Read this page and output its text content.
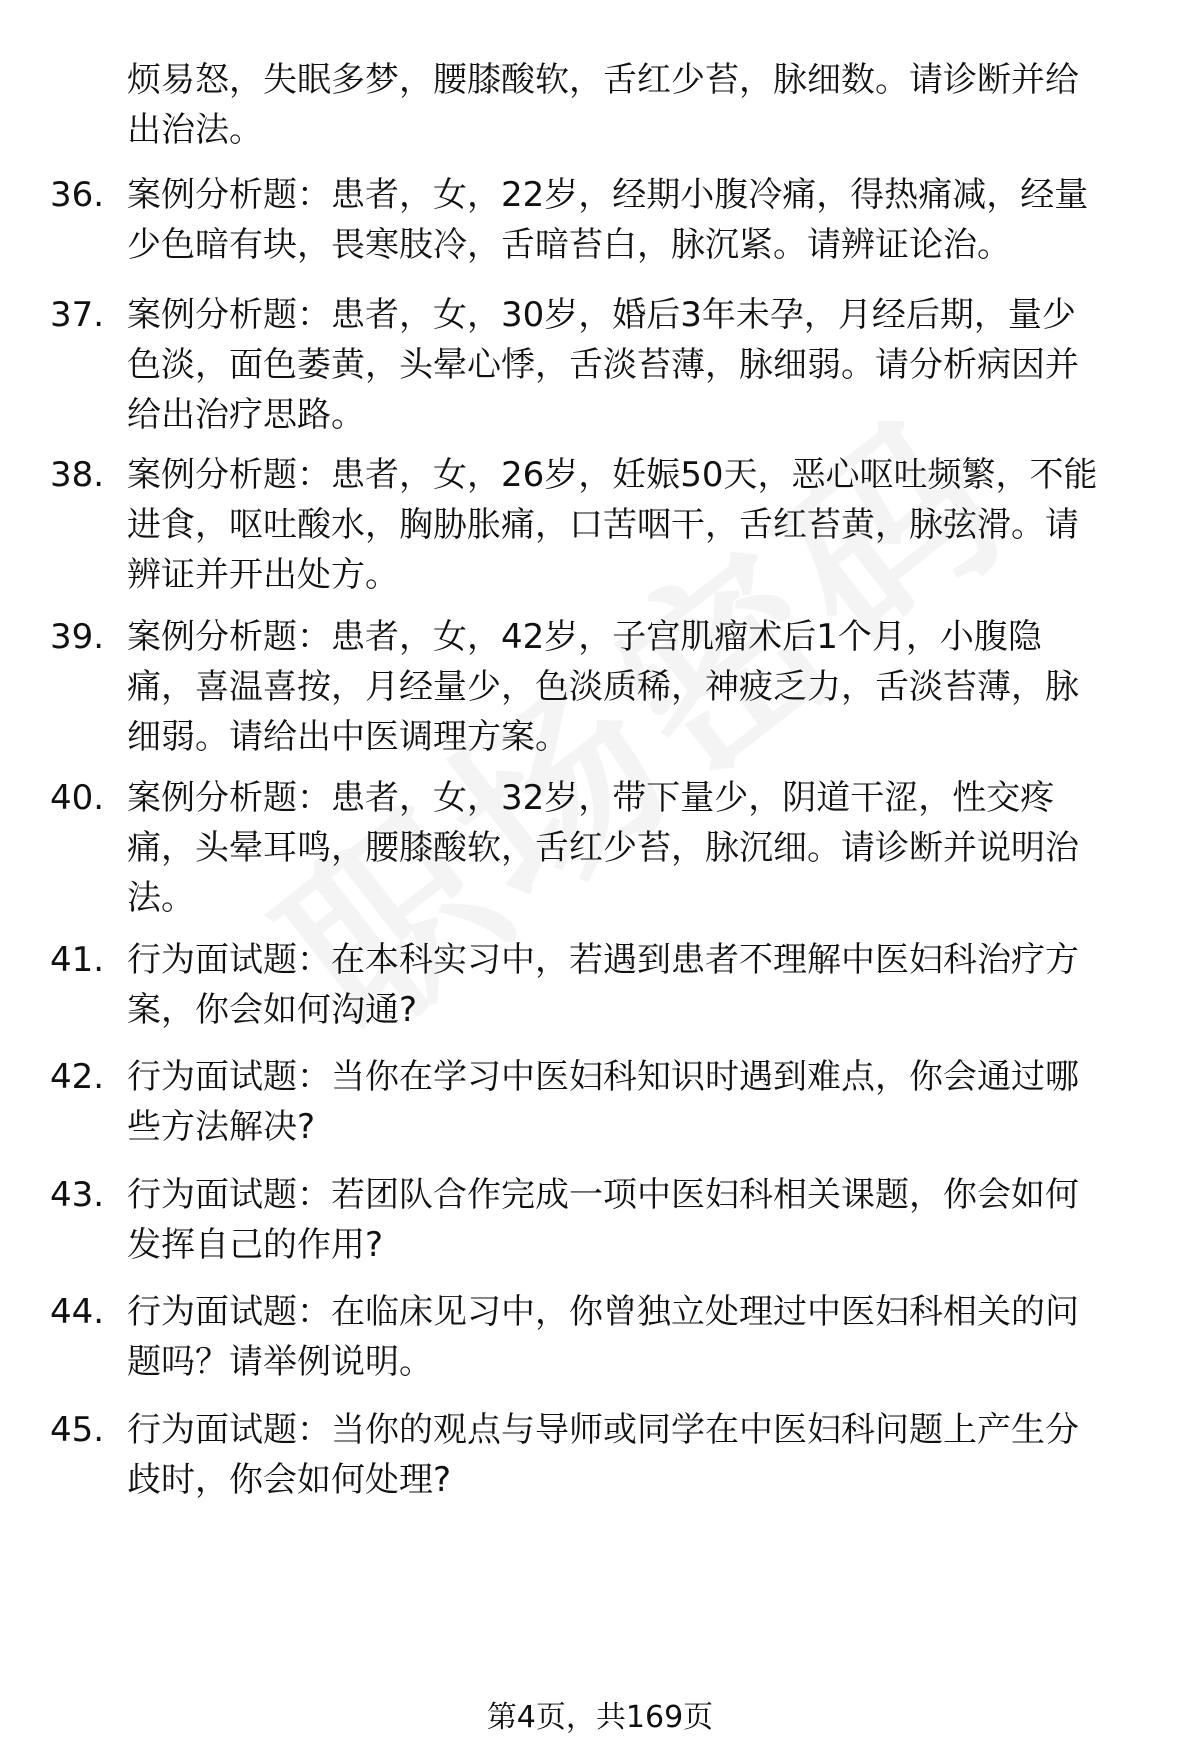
烦易怒，失眠多梦，腰膝酸软，舌红少苔，脉细数。请诊断并给
出治法。
36. 案例分析题：患者，女，22岁，经期小腹冷痛，得热痛减，经量
少色暗有块，畏寒肢冷，舌暗苔白，脉沉紧。请辨证论治。
37. 案例分析题：患者，女，30岁，婚后3年未孕，月经后期，量少
色淡，面色萎黄，头晕心悸，舌淡苔薄，脉细弱。请分析病因并
给出治疗思路。
38. 案例分析题：患者，女，26岁，妊娠50天，恶心呕吐频繁，不能
进食，呕吐酸水，胸胁胀痛，口苦咽干，舌红苔黄，脉弦滑。请
辨证并开出处方。
39. 案例分析题：患者，女，42岁，子宫肌瘤术后1个月，小腹隐
痛，喜温喜按，月经量少，色淡质稀，神疲乏力，舌淡苔薄，脉
细弱。请给出中医调理方案。
40. 案例分析题：患者，女，32岁，带下量少，阴道干涩，性交疼
痛，头晕耳鸣，腰膝酸软，舌红少苔，脉沉细。请诊断并说明治
法。
41. 行为面试题：在本科实习中，若遇到患者不理解中医妇科治疗方
案，你会如何沟通?
42. 行为面试题：当你在学习中医妇科知识时遇到难点，你会通过哪
些方法解决?
43. 行为面试题：若团队合作完成一项中医妇科相关课题，你会如何
发挥自己的作用?
44. 行为面试题：在临床见习中，你曾独立处理过中医妇科相关的问
题吗？请举例说明。
45. 行为面试题：当你的观点与导师或同学在中医妇科问题上产生分
歧时，你会如何处理?
第4页，共169页
